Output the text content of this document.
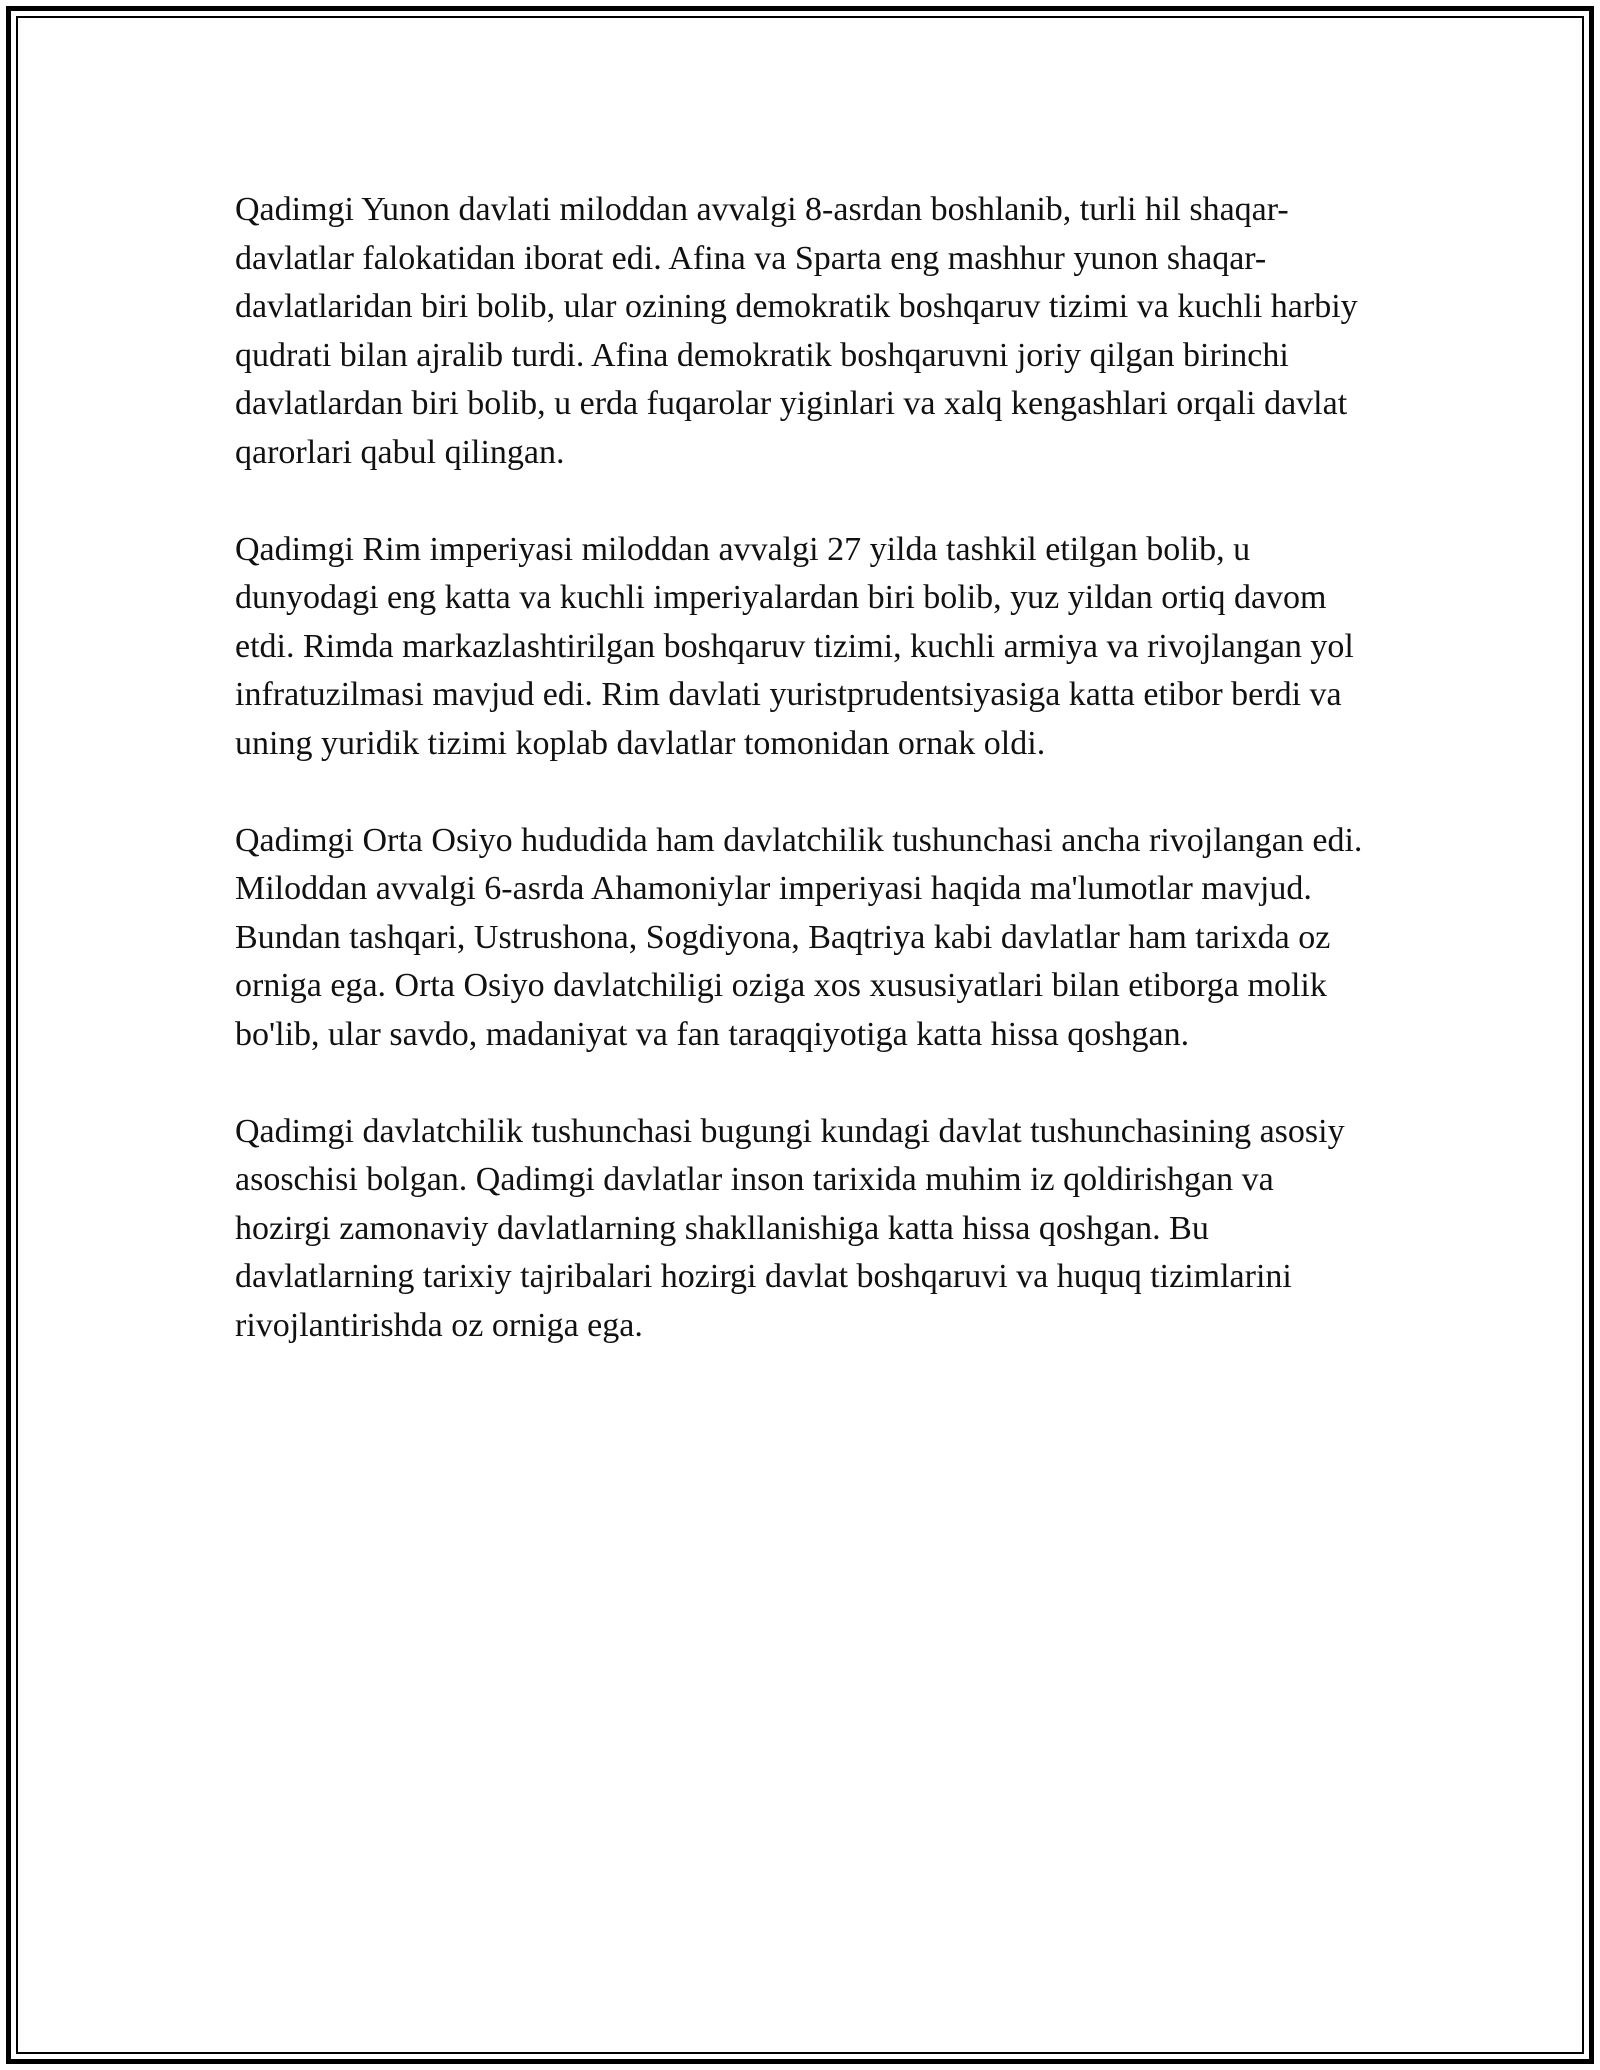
Qadimgi Yunon davlati miloddan avvalgi 8-asrdan boshlanib, turli hil shaqar-davlatlar falokatidan iborat edi. Afina va Sparta eng mashhur yunon shaqar-davlatlaridan biri bolib, ular ozining demokratik boshqaruv tizimi va kuchli harbiy qudrati bilan ajralib turdi. Afina demokratik boshqaruvni joriy qilgan birinchi davlatlardan biri bolib, u erda fuqarolar yiginlari va xalq kengashlari orqali davlat qarorlari qabul qilingan.

Qadimgi Rim imperiyasi miloddan avvalgi 27 yilda tashkil etilgan bolib, u dunyodagi eng katta va kuchli imperiyalardan biri bolib, yuz yildan ortiq davom etdi. Rimda markazlashtirilgan boshqaruv tizimi, kuchli armiya va rivojlangan yol infratuzilmasi mavjud edi. Rim davlati yuristprudentsiyasiga katta etibor berdi va uning yuridik tizimi koplab davlatlar tomonidan ornak oldi.

Qadimgi Orta Osiyo hududida ham davlatchilik tushunchasi ancha rivojlangan edi. Miloddan avvalgi 6-asrda Ahamoniylar imperiyasi haqida ma'lumotlar mavjud. Bundan tashqari, Ustrushona, Sogdiyona, Baqtriya kabi davlatlar ham tarixda oz orniga ega. Orta Osiyo davlatchiligi oziga xos xususiyatlari bilan etiborga molik bo'lib, ular savdo, madaniyat va fan taraqqiyotiga katta hissa qoshgan.

Qadimgi davlatchilik tushunchasi bugungi kundagi davlat tushunchasining asosiy asoschisi bolgan. Qadimgi davlatlar inson tarixida muhim iz qoldirishgan va hozirgi zamonaviy davlatlarning shakllanishiga katta hissa qoshgan. Bu davlatlarning tarixiy tajribalari hozirgi davlat boshqaruvi va huquq tizimlarini rivojlantirishda oz orniga ega.
